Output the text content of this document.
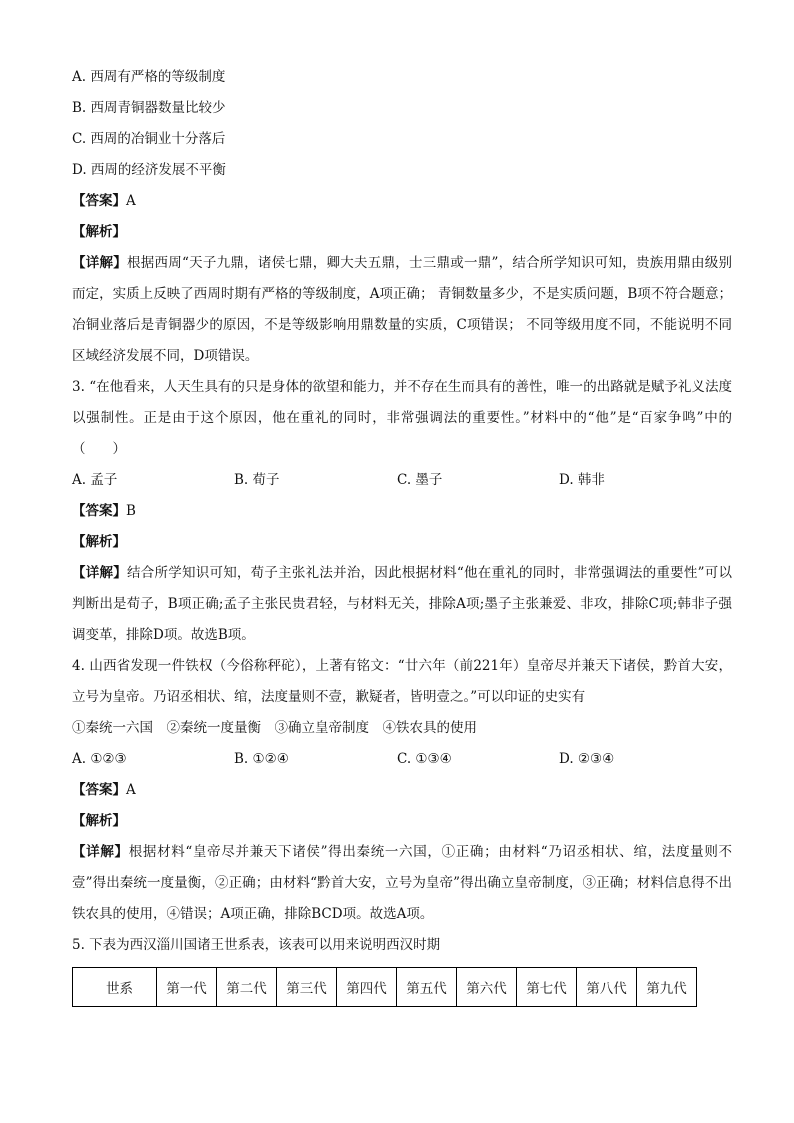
A. 西周有严格的等级制度
B. 西周青铜器数量比较少
C. 西周的冶铜业十分落后
D. 西周的经济发展不平衡
【答案】A
【解析】
【详解】根据西周“天子九鼎，诸侯七鼎，卿大夫五鼎，士三鼎或一鼎”，结合所学知识可知，贵族用鼎由级别而定，实质上反映了西周时期有严格的等级制度，A项正确； 青铜数量多少，不是实质问题，B项不符合题意；冶铜业落后是青铜器少的原因，不是等级影响用鼎数量的实质，C项错误； 不同等级用度不同，不能说明不同区域经济发展不同，D项错误。
3. “在他看来，人天生具有的只是身体的欲望和能力，并不存在生而具有的善性，唯一的出路就是赋予礼义法度以强制性。正是由于这个原因，他在重礼的同时，非常强调法的重要性。”材料中的“他”是“百家争鸣”中的（　　）
A. 孟子	B. 荀子	C. 墨子	D. 韩非
【答案】B
【解析】
【详解】结合所学知识可知，荀子主张礼法并治，因此根据材料“他在重礼的同时，非常强调法的重要性”可以判断出是荀子，B项正确;孟子主张民贵君轻，与材料无关，排除A项;墨子主张兼爱、非攻，排除C项;韩非子强调变革，排除D项。故选B项。
4. 山西省发现一件铁权（今俗称秤砣），上著有铭文：“廿六年（前221年）皇帝尽并兼天下诸侯，黔首大安，立号为皇帝。乃诏丞相状、绾，法度量则不壹，歉疑者，皆明壹之。”可以印证的史实有
①秦统一六国　②秦统一度量衡　③确立皇帝制度　④铁农具的使用
A. ①②③	B. ①②④	C. ①③④	D. ②③④
【答案】A
【解析】
【详解】根据材料“皇帝尽并兼天下诸侯”得出秦统一六国，①正确；由材料“乃诏丞相状、绾，法度量则不壹”得出秦统一度量衡，②正确；由材料“黔首大安，立号为皇帝”得出确立皇帝制度，③正确；材料信息得不出铁农具的使用，④错误；A项正确，排除BCD项。故选A项。
5. 下表为西汉淄川国诸王世系表，该表可以用来说明西汉时期
世系	第一代	第二代	第三代	第四代	第五代	第六代	第七代	第八代	第九代
